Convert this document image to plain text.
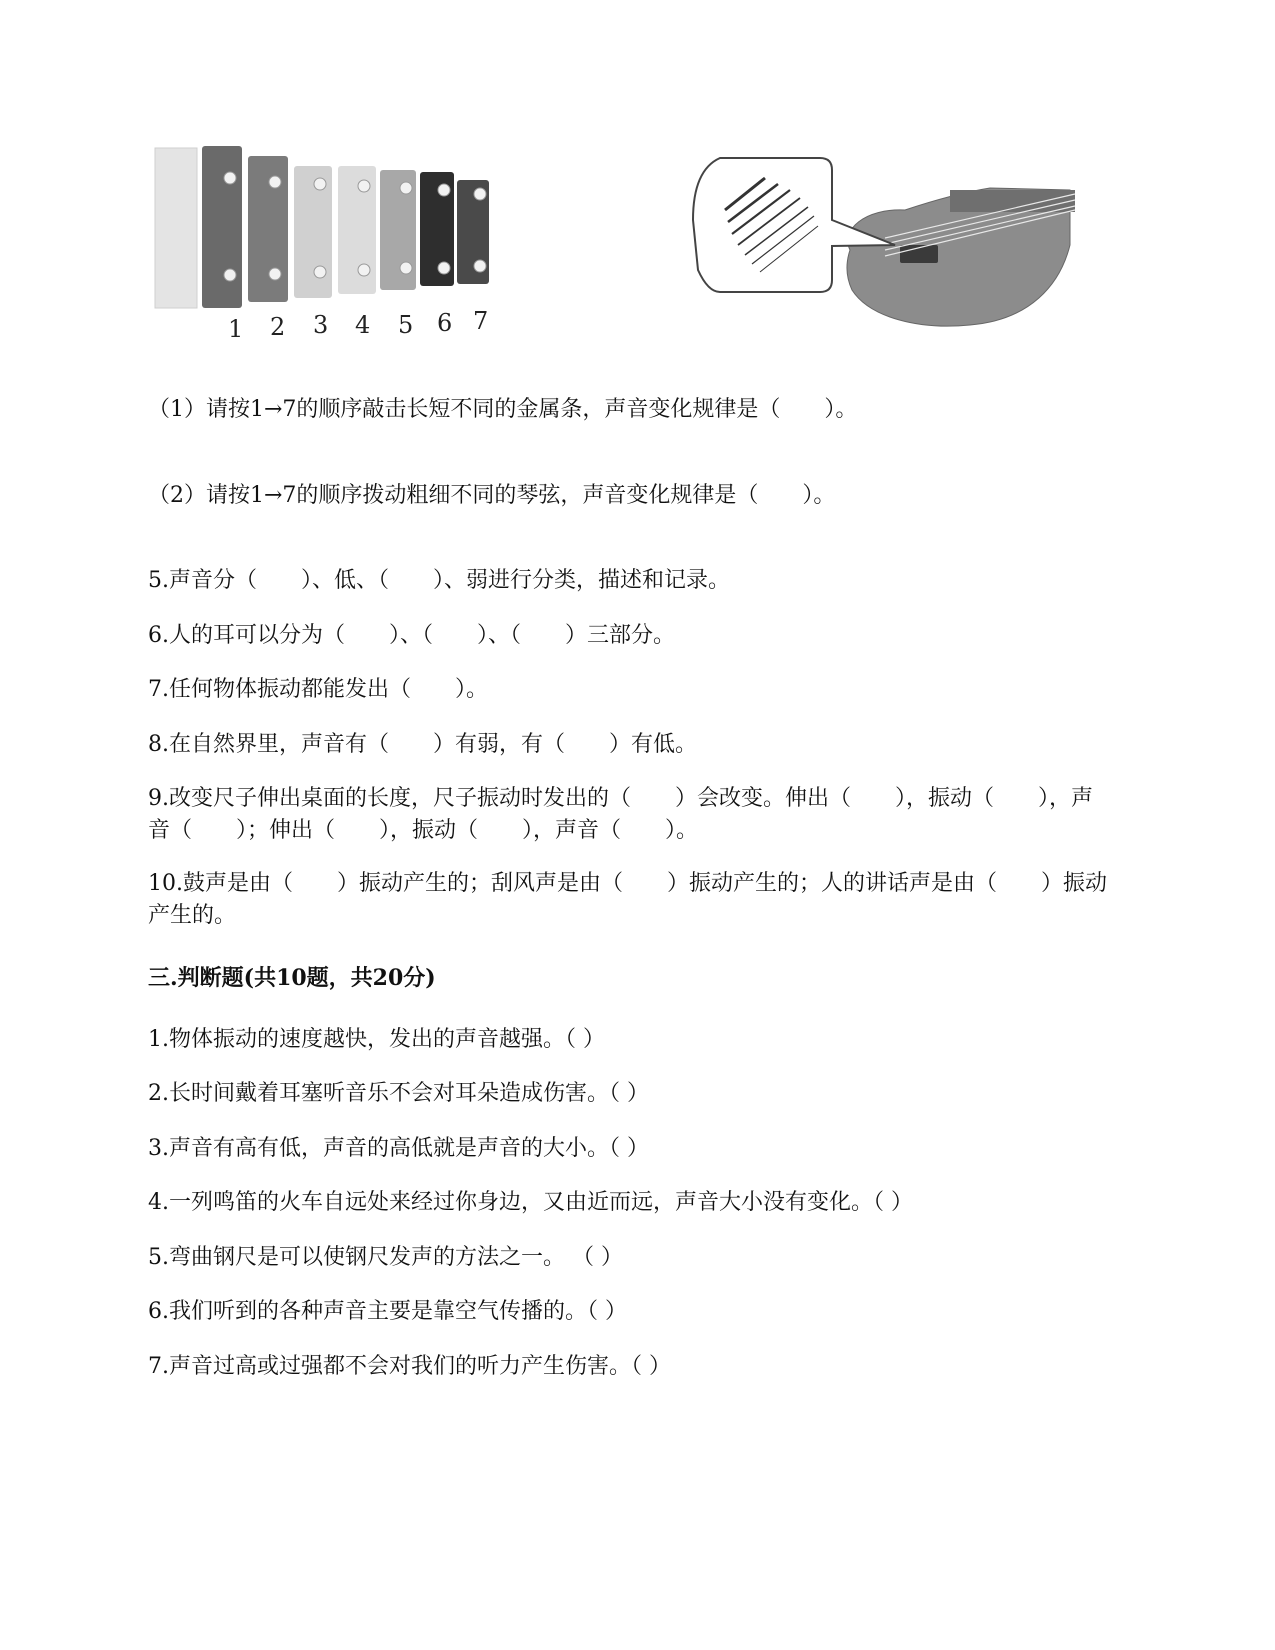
1 2 3 4 5 6 7
（1）请按1→7的顺序敲击长短不同的金属条，声音变化规律是（　　）。
（2）请按1→7的顺序拨动粗细不同的琴弦，声音变化规律是（　　）。
5.声音分（　　）、低、（　　）、弱进行分类，描述和记录。
6.人的耳可以分为（　　）、（　　）、（　　）三部分。
7.任何物体振动都能发出（　　）。
8.在自然界里，声音有（　　）有弱，有（　　）有低。
9.改变尺子伸出桌面的长度，尺子振动时发出的（　　）会改变。伸出（　　），振动（　　），声音（　　）；伸出（　　），振动（　　），声音（　　）。
10.鼓声是由（　　）振动产生的；刮风声是由（　　）振动产生的；人的讲话声是由（　　）振动产生的。
三.判断题(共10题，共20分)
1.物体振动的速度越快，发出的声音越强。（ ）
2.长时间戴着耳塞听音乐不会对耳朵造成伤害。（ ）
3.声音有高有低，声音的高低就是声音的大小。（ ）
4.一列鸣笛的火车自远处来经过你身边，又由近而远，声音大小没有变化。（ ）
5.弯曲钢尺是可以使钢尺发声的方法之一。 （ ）
6.我们听到的各种声音主要是靠空气传播的。（ ）
7.声音过高或过强都不会对我们的听力产生伤害。（ ）
